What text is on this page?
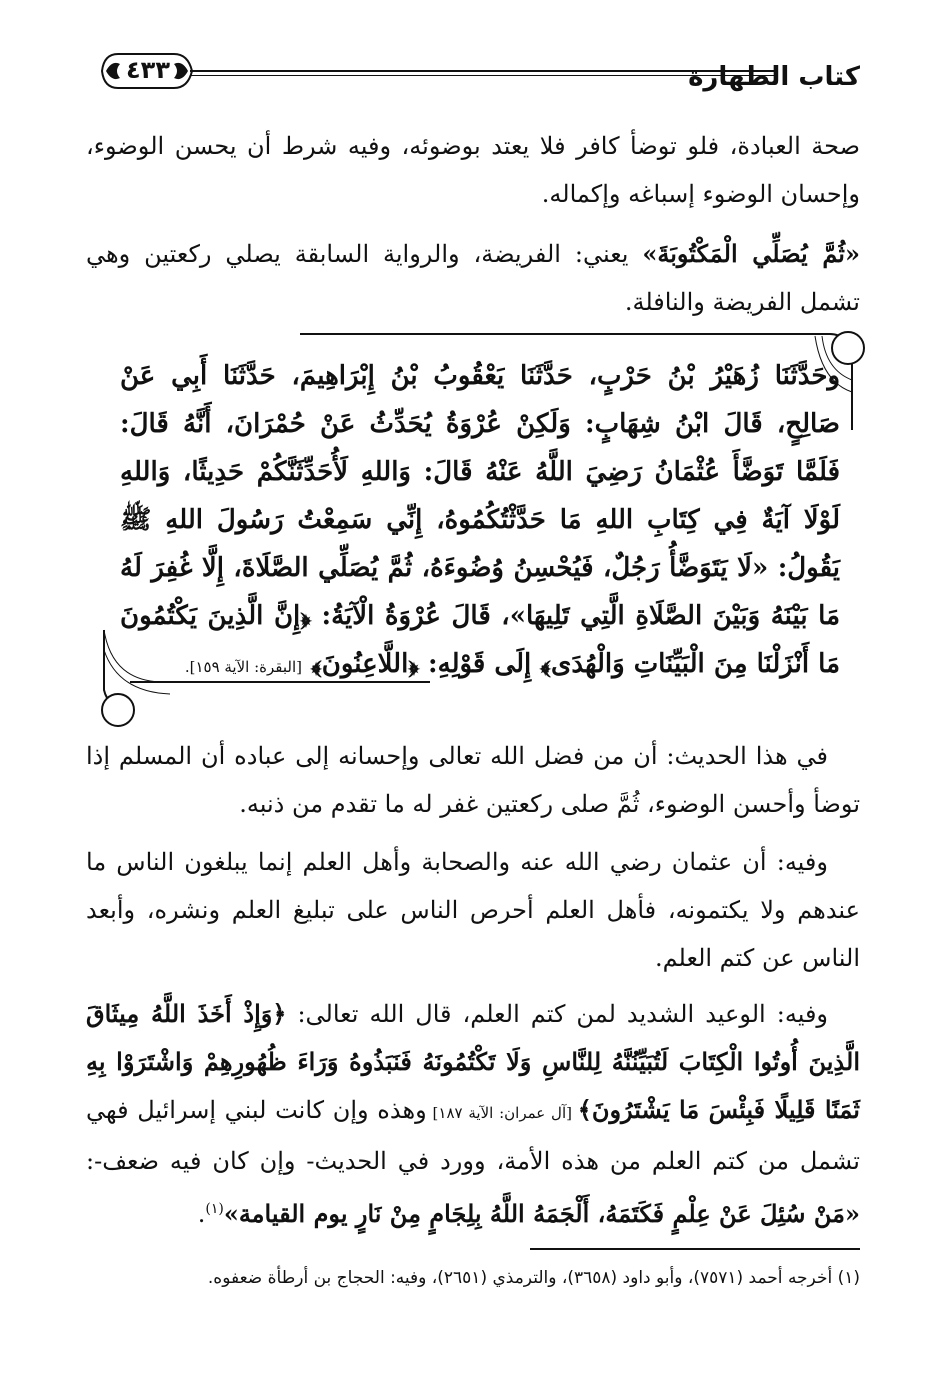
كتاب الطهارة
٤٣٣
صحة العبادة، فلو توضأ كافر فلا يعتد بوضوئه، وفيه شرط أن يحسن الوضوء، وإحسان الوضوء إسباغه وإكماله.
«ثُمَّ يُصَلِّي الْمَكْتُوبَةَ» يعني: الفريضة، والرواية السابقة يصلي ركعتين وهي تشمل الفريضة والنافلة.
وحَدَّثَنَا زُهَيْرُ بْنُ حَرْبٍ، حَدَّثَنَا يَعْقُوبُ بْنُ إِبْرَاهِيمَ، حَدَّثَنَا أَبِي عَنْ صَالِحٍ، قَالَ ابْنُ شِهَابٍ: وَلَكِنْ عُرْوَةُ يُحَدِّثُ عَنْ حُمْرَانَ، أَنَّهُ قَالَ: فَلَمَّا تَوَضَّأَ عُثْمَانُ رَضِيَ اللَّهُ عَنْهُ قَالَ: وَاللهِ لَأُحَدِّثَنَّكُمْ حَدِيثًا، وَاللهِ لَوْلَا آيَةٌ فِي كِتَابِ اللهِ مَا حَدَّثْتُكُمُوهُ، إِنِّي سَمِعْتُ رَسُولَ اللهِ ﷺ يَقُولُ: «لَا يَتَوَضَّأُ رَجُلٌ، فَيُحْسِنُ وُضُوءَهُ، ثُمَّ يُصَلِّي الصَّلَاةَ، إِلَّا غُفِرَ لَهُ مَا بَيْنَهُ وَبَيْنَ الصَّلَاةِ الَّتِي تَلِيهَا»، قَالَ عُرْوَةُ الْآيَةُ: ﴿إِنَّ الَّذِينَ يَكْتُمُونَ مَا أَنْزَلْنَا مِنَ الْبَيِّنَاتِ وَالْهُدَى﴾ إِلَى قَوْلِهِ: ﴿اللَّاعِنُونَ﴾ [البقرة: الآية ١٥٩].
في هذا الحديث: أن من فضل الله تعالى وإحسانه إلى عباده أن المسلم إذا توضأ وأحسن الوضوء، ثُمَّ صلى ركعتين غفر له ما تقدم من ذنبه.
وفيه: أن عثمان رضي الله عنه والصحابة وأهل العلم إنما يبلغون الناس ما عندهم ولا يكتمونه، فأهل العلم أحرص الناس على تبليغ العلم ونشره، وأبعد الناس عن كتم العلم.
وفيه: الوعيد الشديد لمن كتم العلم، قال الله تعالى: ﴿وَإِذْ أَخَذَ اللَّهُ مِيثَاقَ الَّذِينَ أُوتُوا الْكِتَابَ لَتُبَيِّنُنَّهُ لِلنَّاسِ وَلَا تَكْتُمُونَهُ فَنَبَذُوهُ وَرَاءَ ظُهُورِهِمْ وَاشْتَرَوْا بِهِ ثَمَنًا قَلِيلًا فَبِئْسَ مَا يَشْتَرُونَ﴾ [آل عمران: الآية ١٨٧] وهذه وإن كانت لبني إسرائيل فهي تشمل من كتم العلم من هذه الأمة، وورد في الحديث- وإن كان فيه ضعف-: «مَنْ سُئِلَ عَنْ عِلْمٍ فَكَتَمَهُ، أَلْجَمَهُ اللَّهُ بِلِجَامٍ مِنْ نَارٍ يوم القيامة»$^{(١)}$.
(١) أخرجه أحمد (٧٥٧١)، وأبو داود (٣٦٥٨)، والترمذي (٢٦٥١)، وفيه: الحجاج بن أرطأة ضعفوه.
